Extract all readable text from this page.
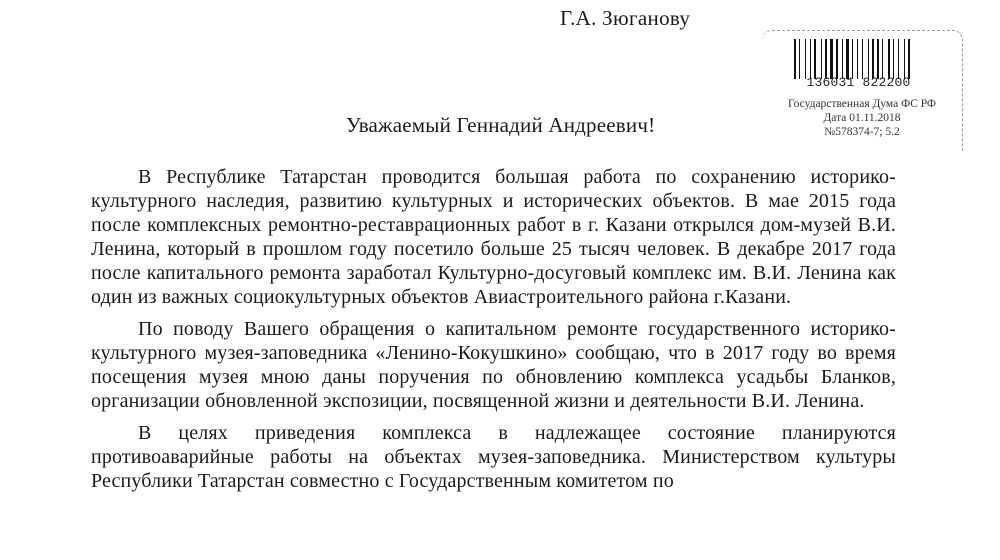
Г.А. Зюганову
136031 822200
Государственная Дума ФС РФ
Дата 01.11.2018
№578374-7; 5.2
Уважаемый Геннадий Андреевич!

В Республике Татарстан проводится большая работа по сохранению историко-культурного наследия, развитию культурных и исторических объектов. В мае 2015 года после комплексных ремонтно-реставрационных работ в г. Казани открылся дом-музей В.И. Ленина, который в прошлом году посетило больше 25 тысяч человек. В декабре 2017 года после капитального ремонта заработал Культурно-досуговый комплекс им. В.И. Ленина как один из важных социокультурных объектов Авиастроительного района г.Казани.

По поводу Вашего обращения о капитальном ремонте государственного историко-культурного музея-заповедника «Ленино-Кокушкино» сообщаю, что в 2017 году во время посещения музея мною даны поручения по обновлению комплекса усадьбы Бланков, организации обновленной экспозиции, посвященной жизни и деятельности В.И. Ленина.

В целях приведения комплекса в надлежащее состояние планируются противоаварийные работы на объектах музея-заповедника. Министерством культуры Республики Татарстан совместно с Государственным комитетом по
